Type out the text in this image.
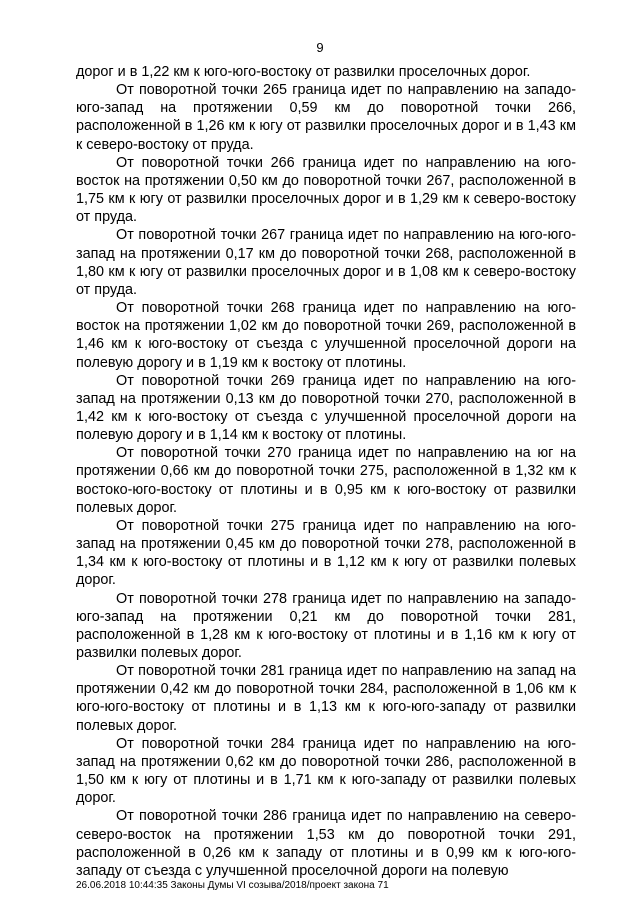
9

дорог и в 1,22 км к юго-юго-востоку от развилки проселочных дорог.

От поворотной точки 265 граница идет по направлению на западо-юго-запад на протяжении 0,59 км до поворотной точки 266, расположенной в 1,26 км к югу от развилки проселочных дорог и в 1,43 км к северо-востоку от пруда.

От поворотной точки 266 граница идет по направлению на юго-восток на протяжении 0,50 км до поворотной точки 267, расположенной в 1,75 км к югу от развилки проселочных дорог и в 1,29 км к северо-востоку от пруда.

От поворотной точки 267 граница идет по направлению на юго-юго-запад на протяжении 0,17 км до поворотной точки 268, расположенной в 1,80 км к югу от развилки проселочных дорог и в 1,08 км к северо-востоку от пруда.

От поворотной точки 268 граница идет по направлению на юго-восток на протяжении 1,02 км до поворотной точки 269, расположенной в 1,46 км к юго-востоку от съезда с улучшенной проселочной дороги на полевую дорогу и в 1,19 км к востоку от плотины.

От поворотной точки 269 граница идет по направлению на юго-запад на протяжении 0,13 км до поворотной точки 270, расположенной в 1,42 км к юго-востоку от съезда с улучшенной проселочной дороги на полевую дорогу и в 1,14 км к востоку от плотины.

От поворотной точки 270 граница идет по направлению на юг на протяжении 0,66 км до поворотной точки 275, расположенной в 1,32 км к востоко-юго-востоку от плотины и в 0,95 км к юго-востоку от развилки полевых дорог.

От поворотной точки 275 граница идет по направлению на юго-запад на протяжении 0,45 км до поворотной точки 278, расположенной в 1,34 км к юго-востоку от плотины и в 1,12 км к югу от развилки полевых дорог.

От поворотной точки 278 граница идет по направлению на западо-юго-запад на протяжении 0,21 км до поворотной точки 281, расположенной в 1,28 км к юго-востоку от плотины и в 1,16 км к югу от развилки полевых дорог.

От поворотной точки 281 граница идет по направлению на запад на протяжении 0,42 км до поворотной точки 284, расположенной в 1,06 км к юго-юго-востоку от плотины и в 1,13 км к юго-юго-западу от развилки полевых дорог.

От поворотной точки 284 граница идет по направлению на юго-запад на протяжении 0,62 км до поворотной точки 286, расположенной в 1,50 км к югу от плотины и в 1,71 км к юго-западу от развилки полевых дорог.

От поворотной точки 286 граница идет по направлению на северо-северо-восток на протяжении 1,53 км до поворотной точки 291, расположенной в 0,26 км к западу от плотины и в 0,99 км к юго-юго-западу от съезда с улучшенной проселочной дороги на полевую

26.06.2018 10:44:35 Законы Думы VI созыва/2018/проект закона 71
